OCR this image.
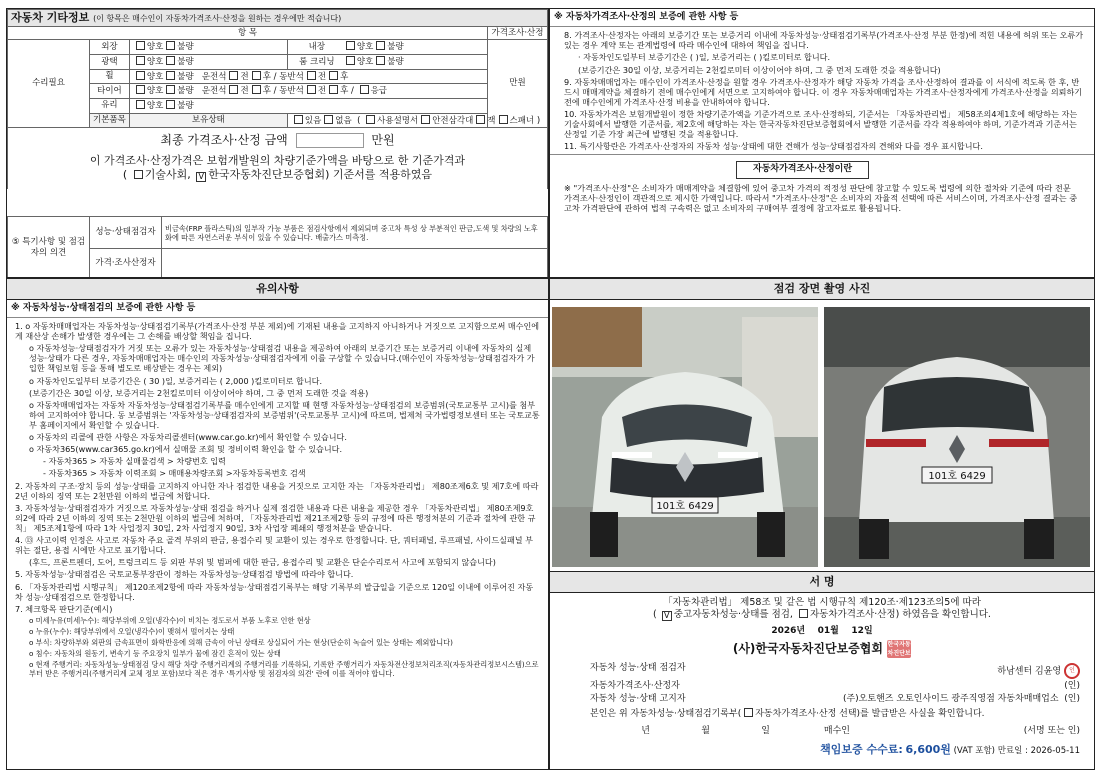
자동차 기타정보 (이 항목은 매수인이 자동차가격조사·산정을 원하는 경우에만 적습니다)				
항 목				가격조사·산정
수리필요	외장	양호 불량	내장 양호 불량	만원
	광택	양호 불량	룸 크리닝 양호 불량	
	휠	양호 불량 운전석 전 후 / 동반석 전 후		
	타이어	양호 불량 운전석 전 후 / 동반석 전 후 / 응급		
	유리	양호 불량		
	기본품목	보유상태	있음 없음  ( 사용설명서 안전삼각대 잭 스패너 )	

최종 가격조사·산정 금액 만원
이 가격조사·산정가격은 보험개발원의 차량기준가액을 바탕으로 한 기준가격과
( 기술사회, V 한국자동차진단보증협회) 기준서를 적용하였음				
⑤ 특기사항 및 점검자의 의견	성능·상태점검자	비금속(FRP 플라스틱)의 일부작 가능 부품은 점검사항에서 제외되며 중고차 특성 상 부분적인 판금,도색 및 차량의 노후화에 따른 자연스러운 부식이 있을 수 있습니다. 배출가스 미측정.
	가격·조사산정자	
※ 자동차가격조사·산정의 보증에 관한 사항 등

8. 가격조사·산정자는 아래의 보증기간 또는 보증거리 이내에 자동차성능·상태점검기록부(가격조사·산정 부분 한정)에 적힌 내용에 허위 또는 오류가 있는 경우 계약 또는 관계법령에 따라 매수인에 대하여 책임을 집니다.

· 자동차인도일부터 보증기간은 ( )일, 보증거리는 ( )킬로미터로 합니다.

(보증기간은 30일 이상, 보증거리는 2천킬로미터 이상이어야 하며, 그 중 먼저 도래한 것을 적용합니다)

9. 자동차매매업자는 매수인이 가격조사·산정을 원할 경우 가격조사·산정자가 해당 자동차 가격을 조사·산정하여 결과를 이 서식에 적도록 한 후, 반드시 매매계약을 체결하기 전에 매수인에게 서면으로 고지하여야 합니다. 이 경우 자동차매매업자는 가격조사·산정자에게 가격조사·산정을 의뢰하기 전에 매수인에게 가격조사·산정 비용을 안내하여야 합니다.

10. 자동차가격은 보험개발원이 정한 차량기준가액을 기준가격으로 조사·산정하되, 기준서는 「자동차관리법」 제58조의4제1호에 해당하는 자는 기술사회에서 발행한 기준서를, 제2호에 해당하는 자는 한국자동차진단보증협회에서 발행한 기준서를 각각 적용하여야 하며, 기준가격과 기준서는 산정일 기준 가장 최근에 발행된 것을 적용합니다.

11. 특기사항란은 가격조사·산정자의 자동차 성능·상태에 대한 견해가 성능·상태점검자의 견해와 다를 경우 표시합니다.

자동차가격조사·산정이란
※ "가격조사·산정"은 소비자가 매매계약을 체결함에 있어 중고차 가격의 적정성 판단에 참고할 수 있도록 법령에 의한 절차와 기준에 따라 전문 가격조사·산정인이 객관적으로 제시한 가액입니다. 따라서 "가격조사·산정"은 소비자의 자율적 선택에 따른 서비스이며, 가격조사·산정 결과는 중고차 가격판단에 관하여 법적 구속력은 없고 소비자의 구매여부 결정에 참고자료로 활용됩니다.
유의사항
※ 자동차성능·상태점검의 보증에 관한 사항 등

1. o 자동차매매업자는 자동차성능·상태점검기록부(가격조사·산정 부분 제외)에 기재된 내용을 고지하지 아니하거나 거짓으로 고지함으로써 매수인에게 재산상 손해가 발생한 경우에는 그 손해를 배상할 책임을 집니다.

o 자동차성능·상태점검자가 거짓 또는 오류가 있는 자동차성능·상태점검 내용을 제공하여 아래의 보증기간 또는 보증거리 이내에 자동차의 실제 성능·상태가 다른 경우, 자동차매매업자는 매수인의 자동차성능·상태점검자에게 이를 구상할 수 있습니다.(매수인이 자동차성능·상태점검자가 가입한 책임보험 등을 통해 별도로 배상받는 경우는 제외)

o 자동차인도일부터 보증기간은 ( 30 )일, 보증거리는 ( 2,000 )킬로미터로 합니다.

(보증기간은 30일 이상, 보증거리는 2천킬로미터 이상이어야 하며, 그 중 먼저 도래한 것을 적용)

o 자동차매매업자는 자동차 자동차성능·상태점검기록부를 매수인에게 고지할 때 현행 자동차성능·상태점검의 보증범위(국토교통부 고시)를 첨부하여 고지하여야 합니다. 동 보증범위는 '자동차성능·상태점검자의 보증범위'(국토교통부 고시)에 따르며, 법제처 국가법령정보센터 또는 국토교통부 홈페이지에서 확인할 수 있습니다.

o 자동차의 리콜에 관한 사항은 자동차리콜센터(www.car.go.kr)에서 확인할 수 있습니다.

o 자동차365(www.car365.go.kr)에서 실매물 조회 및 정비이력 확인을 할 수 있습니다.

- 자동차365 > 자동차 실매물검색 > 차량번호 입력

- 자동차365 > 자동차 이력조회 > 매매용차량조회 >자동차등록번호 검색

2. 자동차의 구조·장치 등의 성능·상태를 고지하지 아니한 자나 점검한 내용을 거짓으로 고지한 자는 「자동차관리법」 제80조제6호 및 제7호에 따라 2년 이하의 징역 또는 2천만원 이하의 벌금에 처합니다.

3. 자동차성능·상태점검자가 거짓으로 자동차성능·상태 점검을 하거나 실제 점검한 내용과 다른 내용을 제공한 경우 「자동차관리법」 제80조제9호의2에 따라 2년 이하의 징역 또는 2천만원 이하의 벌금에 처하며, 「자동차관리법 제21조제2항 등의 규정에 따른 행정처분의 기준과 절차에 관한 규칙」 제5조제1항에 따라 1차 사업정지 30일, 2차 사업정지 90일, 3차 사업장 폐쇄의 행정처분을 받습니다.

4. ⑬ 사고이력 인정은 사고로 자동차 주요 골격 부위의 판금, 용접수리 및 교환이 있는 경우로 한정합니다. 단, 쿼터패널, 루프패널, 사이드실패널 부위는 절단, 용접 시에만 사고로 표기합니다.

(후드, 프론트펜더, 도어, 트렁크리드 등 외판 부위 및 범퍼에 대한 판금, 용접수리 및 교환은 단순수리로서 사고에 포함되지 않습니다)

5. 자동차성능·상태점검은 국토교통부장관이 정하는 자동차성능·상태점검 방법에 따라야 합니다.

6. 「자동차관리법 시행규칙」 제120조제2항에 따라 자동차성능·상태점검기록부는 해당 기록부의 발급일을 기준으로 120일 이내에 이루어진 자동차 성능·상태점검으로 한정합니다.

7. 체크항목 판단기준(예시)

o 미세누유(미세누수): 해당부위에 오일(냉각수)이 비치는 정도로서 부품 노후로 인한 현상

o 누유(누수): 해당부위에서 오일(냉각수)이 맺혀서 떨어지는 상태

o 부식: 차량하부와 외판의 금속표면이 화학반응에 의해 금속이 아닌 상태로 상실되어 가는 현상(단순히 녹슬어 있는 상태는 제외합니다)

o 침수: 자동차의 원동기, 변속기 등 주요장치 일부가 물에 잠긴 흔적이 있는 상태

o 현재 주행거리: 자동차성능·상태점검 당시 해당 차량 주행거리계의 주행거리를 기록하되, 기록한 주행거리가 자동차전산정보처리조직(자동차관리정보시스템)으로부터 받은 주행거리(주행거리계 교체 정보 포함)보다 적은 경우 '특기사항 및 점검자의 의견' 란에 이를 적어야 합니다.

점검 장면 촬영 사진
101호 6429
101호 6429
서 명
「자동차관리법」 제58조 및 같은 법 시행규칙 제120조·제123조의5에 따라
( V 중고자동차성능·상태를 점검, 자동차가격조사·산정) 하였음을 확인합니다.
2026년 01월 12일
(사)한국자동차진단보증협회 한국자동차진단보증
자동차 성능·상태 점검자	하남센터 김윤영 인
자동차가격조사·산정자	(인)
자동차 성능·상태 고지자	(주)오토핸즈 오토인사이드 광주직영점 자동차매매업소 (인)
본인은 위 자동차성능·상태점검기록부( 자동차가격조사·산정 선택)를 발급받은 사실을 확인합니다.
년	월	일	매수인	(서명 또는 인)
책임보증 수수료: 6,600원 (VAT 포함) 만료일 : 2026-05-11
